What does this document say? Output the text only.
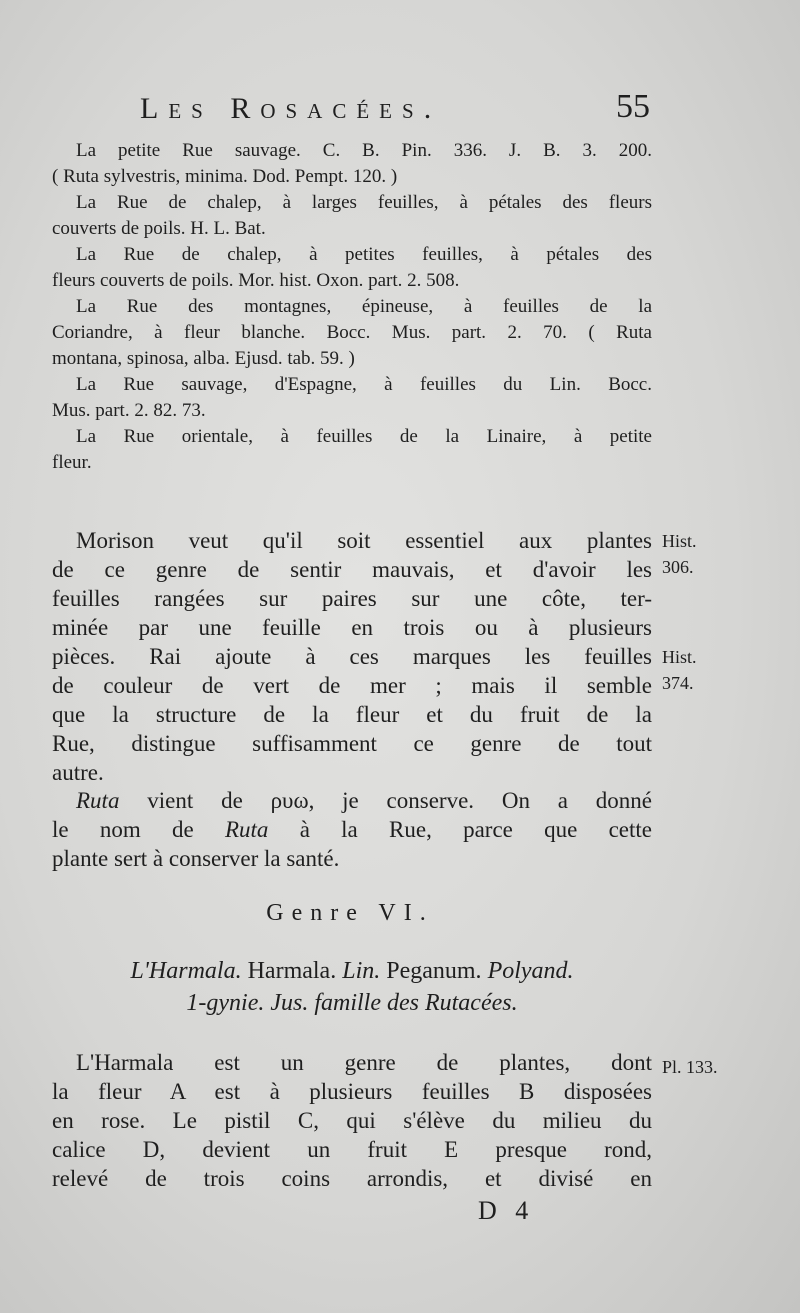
Les Rosacées.	55
La petite Rue sauvage. C. B. Pin. 336. J. B. 3. 200.
( Ruta sylvestris, minima. Dod. Pempt. 120. )
La Rue de chalep, à larges feuilles, à pétales des fleurs
couverts de poils. H. L. Bat.
La Rue de chalep, à petites feuilles, à pétales des
fleurs couverts de poils. Mor. hist. Oxon. part. 2. 508.
La Rue des montagnes, épineuse, à feuilles de la
Coriandre, à fleur blanche. Bocc. Mus. part. 2. 70. ( Ruta
montana, spinosa, alba. Ejusd. tab. 59. )
La Rue sauvage, d'Espagne, à feuilles du Lin. Bocc.
Mus. part. 2. 82. 73.
La Rue orientale, à feuilles de la Linaire, à petite
fleur.
Morison veut qu'il soit essentiel aux plantes
de ce genre de sentir mauvais, et d'avoir les
feuilles rangées sur paires sur une côte, ter-
minée par une feuille en trois ou à plusieurs
pièces. Rai ajoute à ces marques les feuilles
de couleur de vert de mer ; mais il semble
que la structure de la fleur et du fruit de la
Rue, distingue suffisamment ce genre de tout
autre.
Ruta vient de ρυω, je conserve. On a donné
le nom de Ruta à la Rue, parce que cette
plante sert à conserver la santé.
Hist.
306.
Hist.
374.
Pl. 133.
Genre VI.
L'Harmala. Harmala. Lin. Peganum. Polyand.
1-gynie. Jus. famille des Rutacées.
L'Harmala est un genre de plantes, dont
la fleur A est à plusieurs feuilles B disposées
en rose. Le pistil C, qui s'élève du milieu du
calice D, devient un fruit E presque rond,
relevé de trois coins arrondis, et divisé en
D 4
